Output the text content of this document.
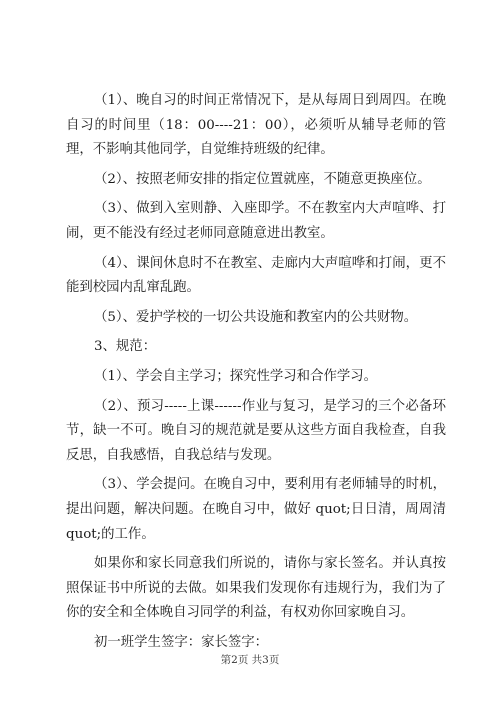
（1）、晚自习的时间正常情况下，是从每周日到周四。在晚自习的时间里（18：00----21：00），必须听从辅导老师的管理，不影响其他同学，自觉维持班级的纪律。

（2）、按照老师安排的指定位置就座，不随意更换座位。

（3）、做到入室则静、入座即学。不在教室内大声喧哗、打闹，更不能没有经过老师同意随意进出教室。

（4）、课间休息时不在教室、走廊内大声喧哗和打闹，更不能到校园内乱窜乱跑。

（5）、爱护学校的一切公共设施和教室内的公共财物。

3、规范：

（1）、学会自主学习；探究性学习和合作学习。

（2）、预习-----上课------作业与复习，是学习的三个必备环节，缺一不可。晚自习的规范就是要从这些方面自我检查，自我反思，自我感悟，自我总结与发现。

（3）、学会提问。在晚自习中，要利用有老师辅导的时机，提出问题，解决问题。在晚自习中，做好 quot;日日清，周周清quot;的工作。

如果你和家长同意我们所说的，请你与家长签名。并认真按照保证书中所说的去做。如果我们发现你有违规行为，我们为了你的安全和全体晚自习同学的利益，有权劝你回家晚自习。

初一班学生签字：家长签字：

第2页 共3页
